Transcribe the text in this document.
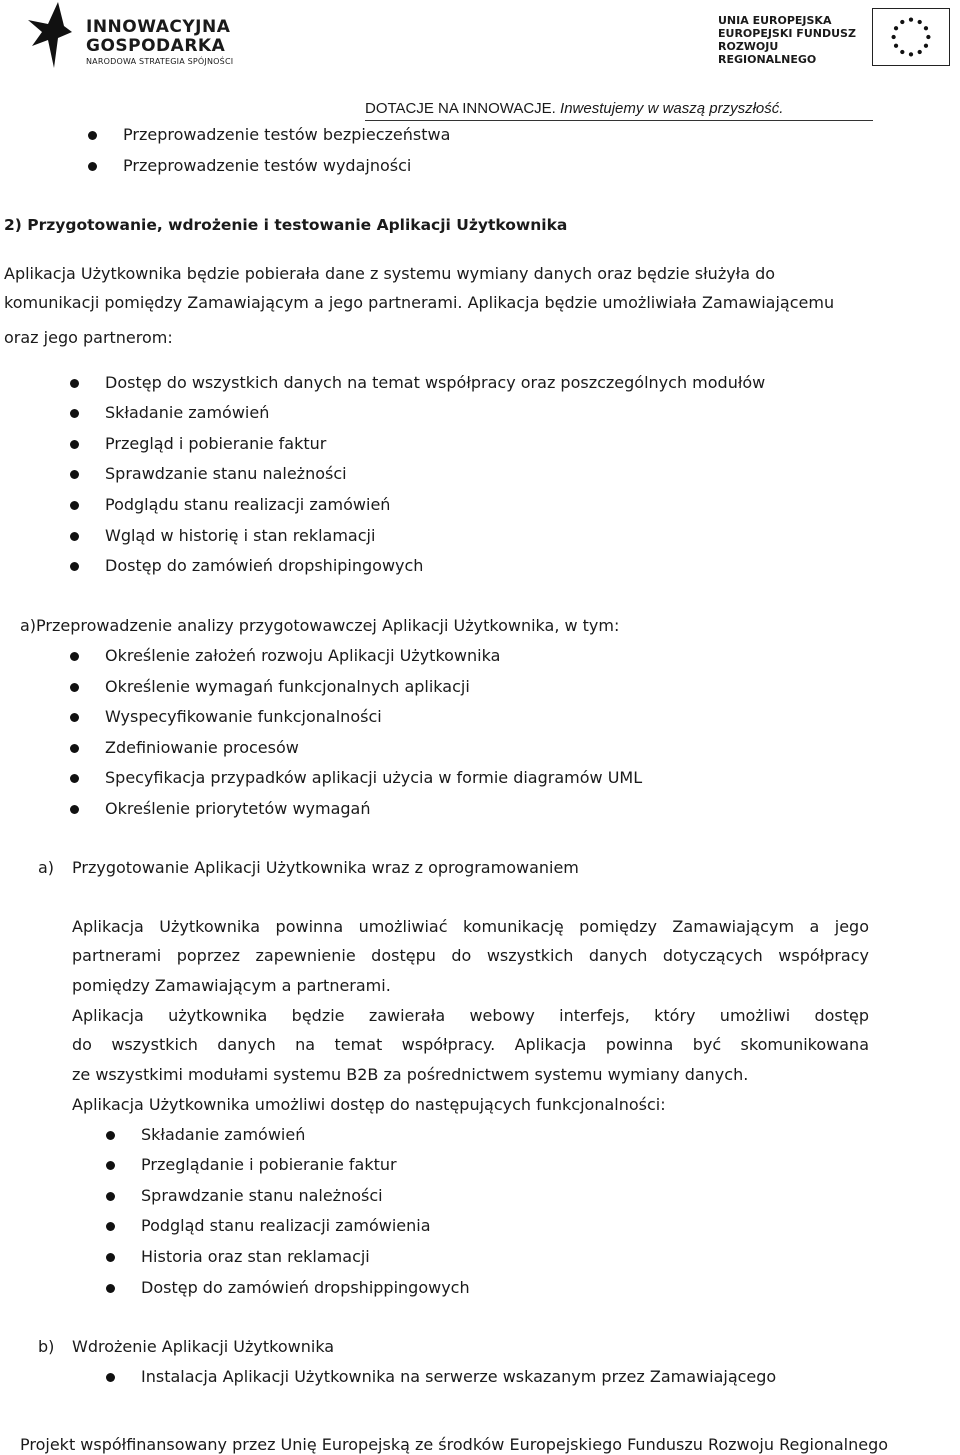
INNOWACYJNA
GOSPODARKA
NARODOWA STRATEGIA SPÓJNOŚCI
UNIA EUROPEJSKA
EUROPEJSKI FUNDUSZ
ROZWOJU REGIONALNEGO
DOTACJE NA INNOWACJE. Inwestujemy w waszą przyszłość.
Przeprowadzenie testów bezpieczeństwa
Przeprowadzenie testów wydajności
2) Przygotowanie, wdrożenie i testowanie Aplikacji Użytkownika
Aplikacja Użytkownika będzie pobierała dane z systemu wymiany danych oraz będzie służyła do
komunikacji pomiędzy Zamawiającym a jego partnerami. Aplikacja będzie umożliwiała Zamawiającemu
oraz jego partnerom:
Dostęp do wszystkich danych na temat współpracy oraz poszczególnych modułów
Składanie zamówień
Przegląd i pobieranie faktur
Sprawdzanie stanu należności
Podglądu stanu realizacji zamówień
Wgląd w historię i stan reklamacji
Dostęp do zamówień dropshipingowych
a)Przeprowadzenie analizy przygotowawczej Aplikacji Użytkownika, w tym:
Określenie założeń rozwoju Aplikacji Użytkownika
Określenie wymagań funkcjonalnych aplikacji
Wyspecyfikowanie funkcjonalności
Zdefiniowanie procesów
Specyfikacja przypadków aplikacji użycia w formie diagramów UML
Określenie priorytetów wymagań
a) Przygotowanie Aplikacji Użytkownika wraz z oprogramowaniem
Aplikacja Użytkownika powinna umożliwiać komunikację pomiędzy Zamawiającym a jego
partnerami poprzez zapewnienie dostępu do wszystkich danych dotyczących współpracy
pomiędzy Zamawiającym a partnerami.
Aplikacja użytkownika będzie zawierała webowy interfejs, który umożliwi dostęp
do wszystkich danych na temat współpracy. Aplikacja powinna być skomunikowana
ze wszystkimi modułami systemu B2B za pośrednictwem systemu wymiany danych.
Aplikacja Użytkownika umożliwi dostęp do następujących funkcjonalności:
Składanie zamówień
Przeglądanie i pobieranie faktur
Sprawdzanie stanu należności
Podgląd stanu realizacji zamówienia
Historia oraz stan reklamacji
Dostęp do zamówień dropshippingowych
b) Wdrożenie Aplikacji Użytkownika
Instalacja Aplikacji Użytkownika na serwerze wskazanym przez Zamawiającego
Projekt współfinansowany przez Unię Europejską ze środków Europejskiego Funduszu Rozwoju Regionalnego
